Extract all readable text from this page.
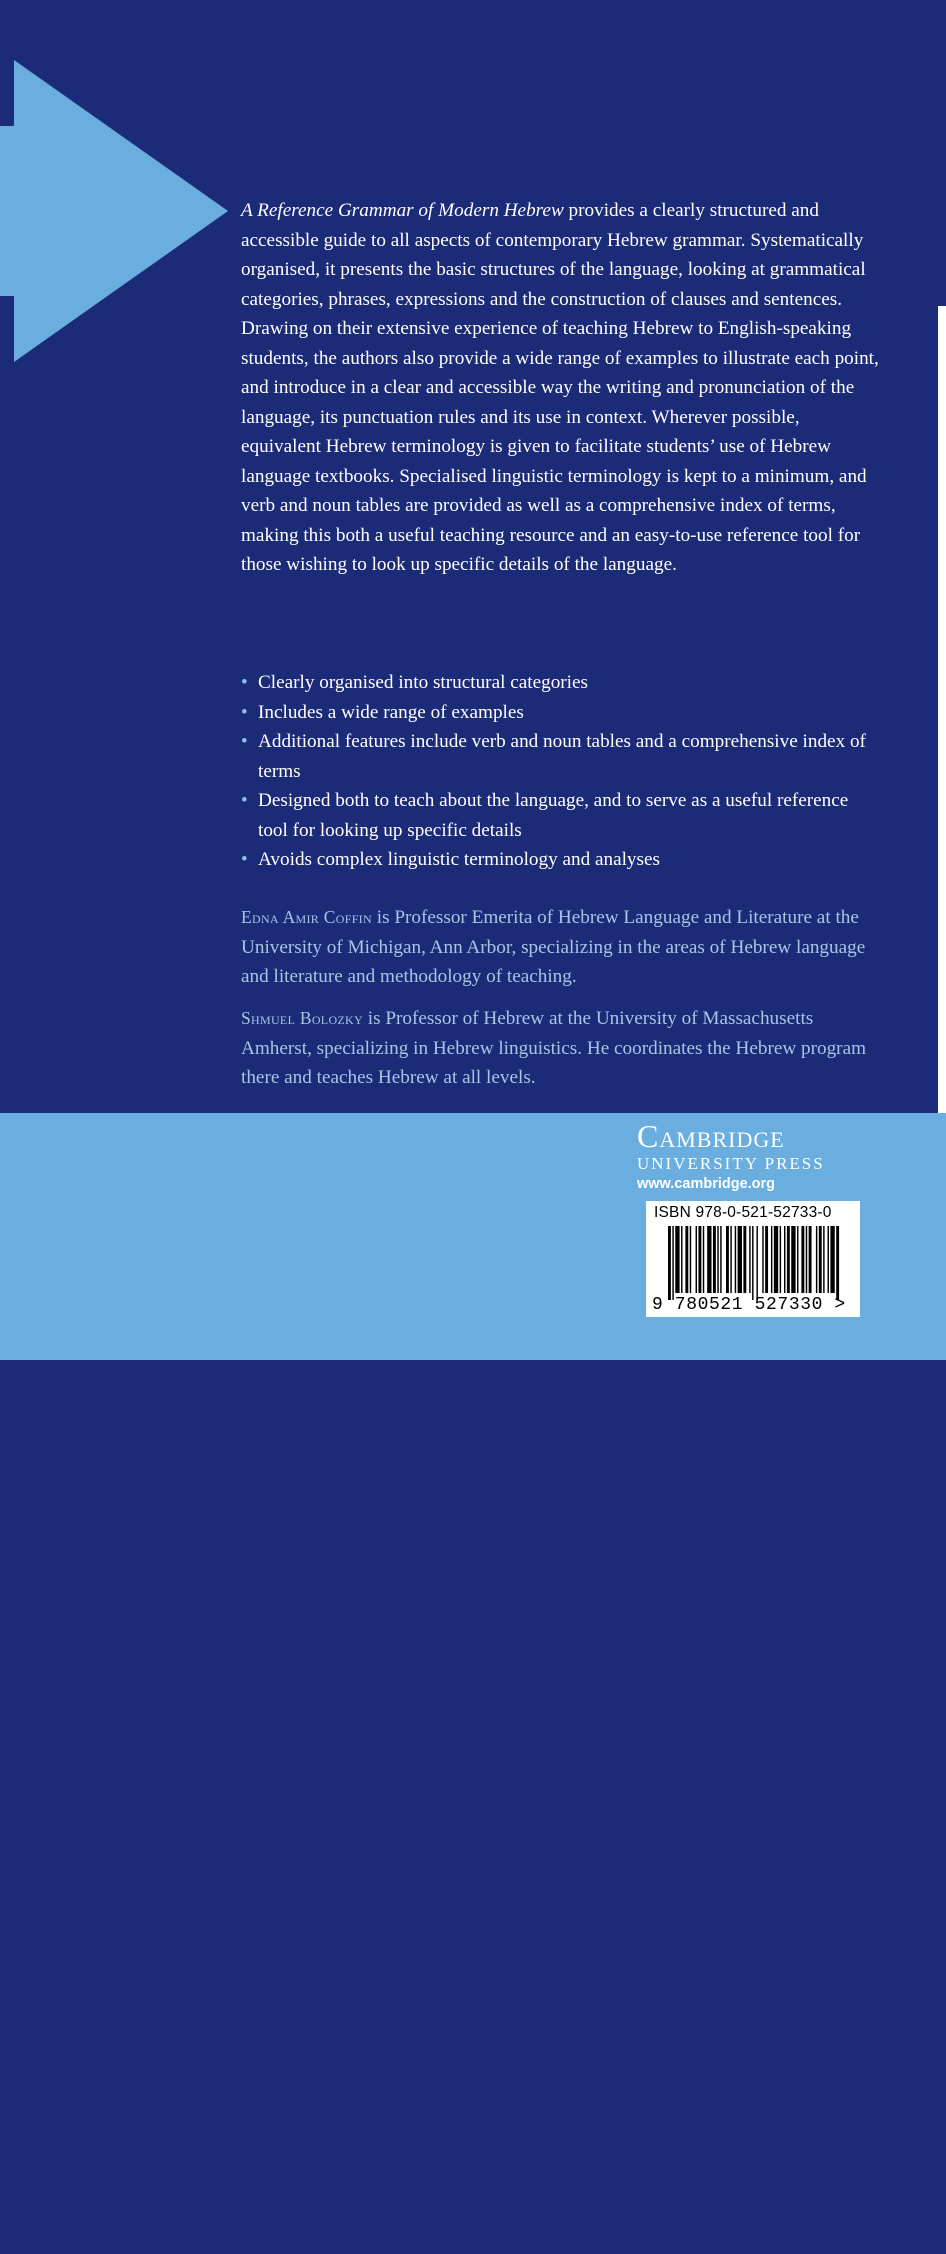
A Reference Grammar of Modern Hebrew provides a clearly structured and accessible guide to all aspects of contemporary Hebrew grammar. Systematically organised, it presents the basic structures of the language, looking at grammatical categories, phrases, expressions and the construction of clauses and sentences. Drawing on their extensive experience of teaching Hebrew to English-speaking students, the authors also provide a wide range of examples to illustrate each point, and introduce in a clear and accessible way the writing and pronunciation of the language, its punctuation rules and its use in context. Wherever possible, equivalent Hebrew terminology is given to facilitate students’ use of Hebrew language textbooks. Specialised linguistic terminology is kept to a minimum, and verb and noun tables are provided as well as a comprehensive index of terms, making this both a useful teaching resource and an easy-to-use reference tool for those wishing to look up specific details of the language.

• Clearly organised into structural categories
• Includes a wide range of examples
• Additional features include verb and noun tables and a comprehensive index of terms
• Designed both to teach about the language, and to serve as a useful reference tool for looking up specific details
• Avoids complex linguistic terminology and analyses

Edna Amir Coffin is Professor Emerita of Hebrew Language and Literature at the University of Michigan, Ann Arbor, specializing in the areas of Hebrew language and literature and methodology of teaching.

Shmuel Bolozky is Professor of Hebrew at the University of Massachusetts Amherst, specializing in Hebrew linguistics. He coordinates the Hebrew program there and teaches Hebrew at all levels.

Designed by Joanne Barker

Cambridge

UNIVERSITY PRESS

www.cambridge.org

ISBN 978-0-521-52733-0

9 780521 527330 >
